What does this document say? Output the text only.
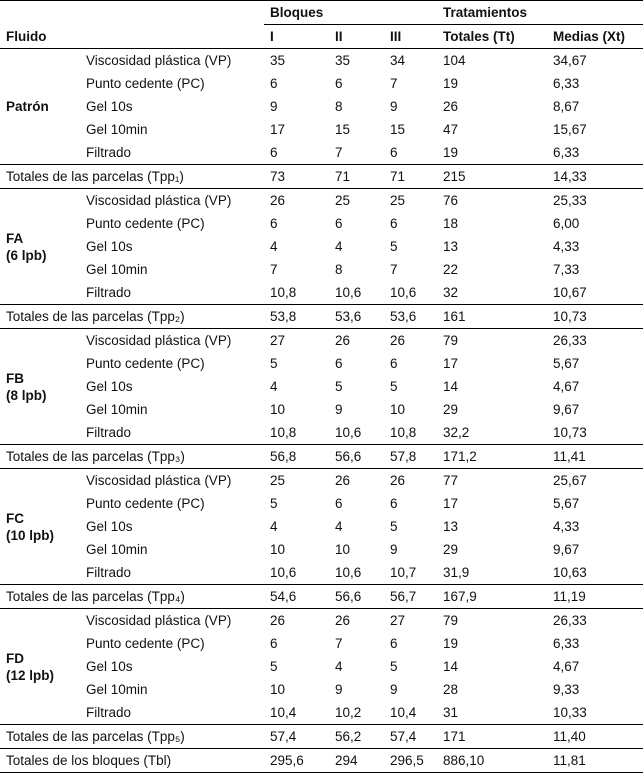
		Bloques			Tratamientos	
Fluido		I	II	III	Totales (Tt)	Medias (Xt)

Patrón	Viscosidad plástica (VP)	35	35	34	104	34,67
	Punto cedente (PC)	6	6	7	19	6,33
	Gel 10s	9	8	9	26	8,67
	Gel 10min	17	15	15	47	15,67
	Filtrado	6	7	6	19	6,33
Totales de las parcelas (Tpp₁)		73	71	71	215	14,33

FA
(6 lpb)	Viscosidad plástica (VP)	26	25	25	76	25,33
	Punto cedente (PC)	6	6	6	18	6,00
	Gel 10s	4	4	5	13	4,33
	Gel 10min	7	8	7	22	7,33
	Filtrado	10,8	10,6	10,6	32	10,67
Totales de las parcelas (Tpp₂)		53,8	53,6	53,6	161	10,73

FB
(8 lpb)	Viscosidad plástica (VP)	27	26	26	79	26,33
	Punto cedente (PC)	5	6	6	17	5,67
	Gel 10s	4	5	5	14	4,67
	Gel 10min	10	9	10	29	9,67
	Filtrado	10,8	10,6	10,8	32,2	10,73
Totales de las parcelas (Tpp₃)		56,8	56,6	57,8	171,2	11,41

FC
(10 lpb)	Viscosidad plástica (VP)	25	26	26	77	25,67
	Punto cedente (PC)	5	6	6	17	5,67
	Gel 10s	4	4	5	13	4,33
	Gel 10min	10	10	9	29	9,67
	Filtrado	10,6	10,6	10,7	31,9	10,63
Totales de las parcelas (Tpp₄)		54,6	56,6	56,7	167,9	11,19

FD
(12 lpb)	Viscosidad plástica (VP)	26	26	27	79	26,33
	Punto cedente (PC)	6	7	6	19	6,33
	Gel 10s	5	4	5	14	4,67
	Gel 10min	10	9	9	28	9,33
	Filtrado	10,4	10,2	10,4	31	10,33
Totales de las parcelas (Tpp₅)		57,4	56,2	57,4	171	11,40
Totales de los bloques (Tbl)		295,6	294	296,5	886,10	11,81
